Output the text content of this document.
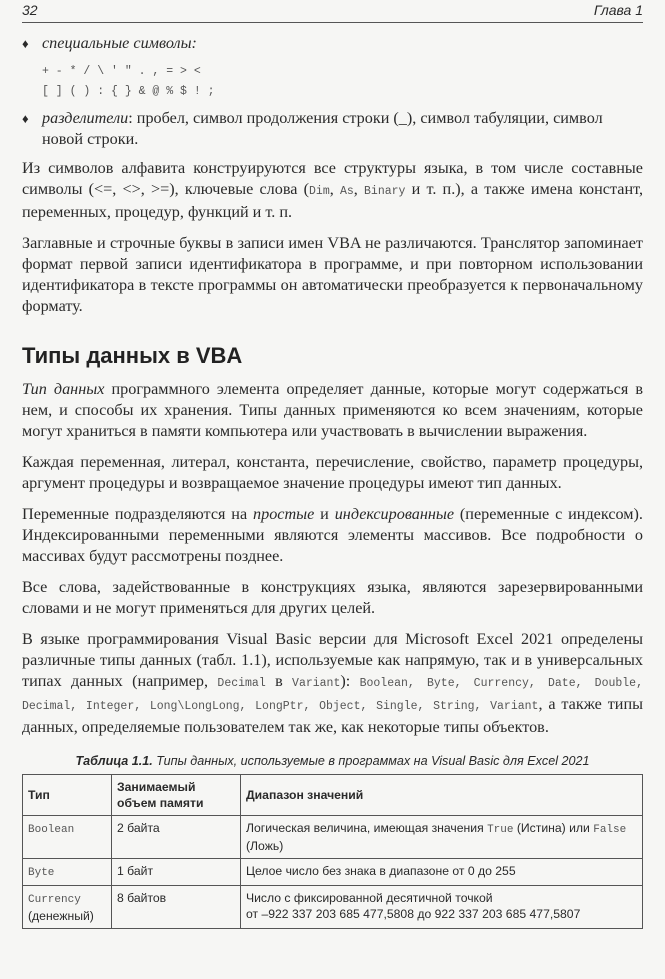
32	Глава 1
♦ специальные символы:
+ - * / \ ' " . , = > <
[ ] ( ) : { } & @ % $ ! ;
♦ разделители: пробел, символ продолжения строки (_), символ табуляции, символ новой строки.

Из символов алфавита конструируются все структуры языка, в том числе составные символы (<=, <>, >=), ключевые слова (Dim, As, Binary и т. п.), а также имена констант, переменных, процедур, функций и т. п.

Заглавные и строчные буквы в записи имен VBA не различаются. Транслятор запоминает формат первой записи идентификатора в программе, и при повторном использовании идентификатора в тексте программы он автоматически преобразуется к первоначальному формату.

Типы данных в VBA

Тип данных программного элемента определяет данные, которые могут содержаться в нем, и способы их хранения. Типы данных применяются ко всем значениям, которые могут храниться в памяти компьютера или участвовать в вычислении выражения.

Каждая переменная, литерал, константа, перечисление, свойство, параметр процедуры, аргумент процедуры и возвращаемое значение процедуры имеют тип данных.

Переменные подразделяются на простые и индексированные (переменные с индексом). Индексированными переменными являются элементы массивов. Все подробности о массивах будут рассмотрены позднее.

Все слова, задействованные в конструкциях языка, являются зарезервированными словами и не могут применяться для других целей.

В языке программирования Visual Basic версии для Microsoft Excel 2021 определены различные типы данных (табл. 1.1), используемые как напрямую, так и в универсальных типах данных (например, Decimal в Variant): Boolean, Byte, Currency, Date, Double, Decimal, Integer, Long\LongLong, LongPtr, Object, Single, String, Variant, а также типы данных, определяемые пользователем так же, как некоторые типы объектов.

Таблица 1.1. Типы данных, используемые в программах на Visual Basic для Excel 2021
Тип	Занимаемый объем памяти	Диапазон значений
Boolean	2 байта	Логическая величина, имеющая значения True (Истина) или False (Ложь)
Byte	1 байт	Целое число без знака в диапазоне от 0 до 255
Currency
(денежный)	8 байтов	Число с фиксированной десятичной точкой
от –922 337 203 685 477,5808 до 922 337 203 685 477,5807
